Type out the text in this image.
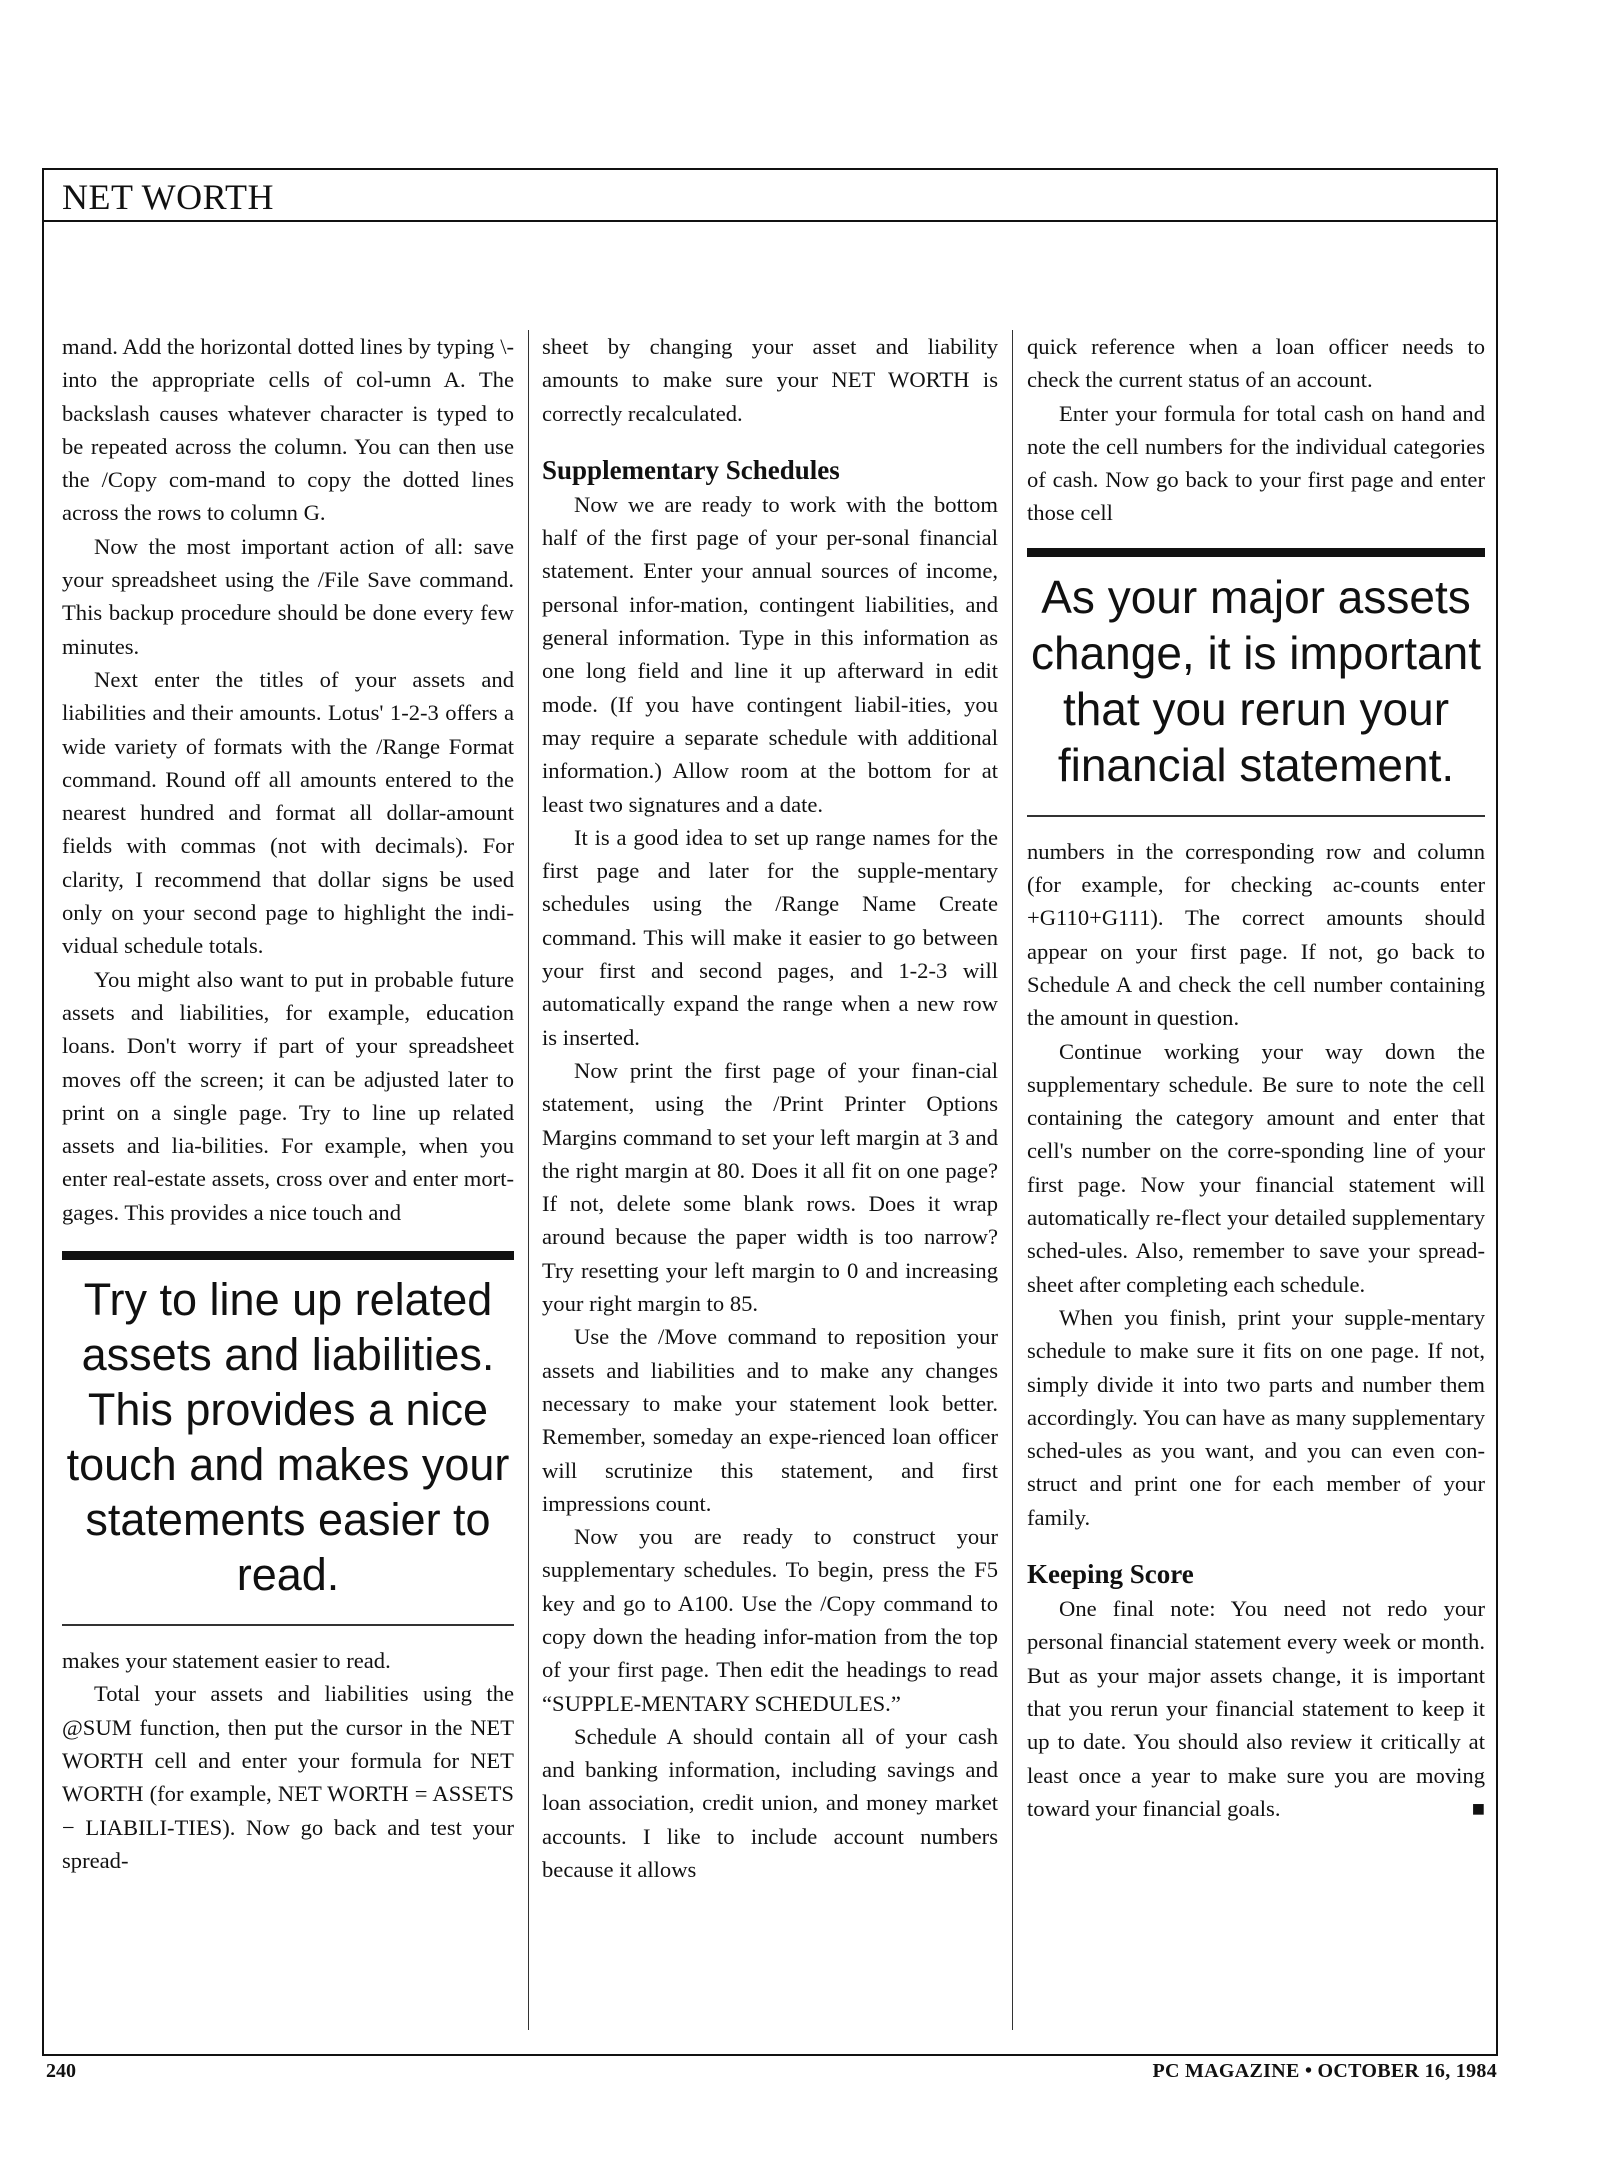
NET WORTH

mand. Add the horizontal dotted lines by typing \- into the appropriate cells of col-umn A. The backslash causes whatever character is typed to be repeated across the column. You can then use the /Copy com-mand to copy the dotted lines across the rows to column G.

Now the most important action of all: save your spreadsheet using the /File Save command. This backup procedure should be done every few minutes.

Next enter the titles of your assets and liabilities and their amounts. Lotus' 1-2-3 offers a wide variety of formats with the /Range Format command. Round off all amounts entered to the nearest hundred and format all dollar-amount fields with commas (not with decimals). For clarity, I recommend that dollar signs be used only on your second page to highlight the indi-vidual schedule totals.

You might also want to put in probable future assets and liabilities, for example, education loans. Don't worry if part of your spreadsheet moves off the screen; it can be adjusted later to print on a single page. Try to line up related assets and lia-bilities. For example, when you enter real-estate assets, cross over and enter mort-gages. This provides a nice touch and

Try to line up related assets and liabilities. This provides a nice touch and makes your statements easier to read.

makes your statement easier to read.

Total your assets and liabilities using the @SUM function, then put the cursor in the NET WORTH cell and enter your formula for NET WORTH (for example, NET WORTH = ASSETS − LIABILI-TIES). Now go back and test your spread-

sheet by changing your asset and liability amounts to make sure your NET WORTH is correctly recalculated.

Supplementary Schedules

Now we are ready to work with the bottom half of the first page of your per-sonal financial statement. Enter your annual sources of income, personal infor-mation, contingent liabilities, and general information. Type in this information as one long field and line it up afterward in edit mode. (If you have contingent liabil-ities, you may require a separate schedule with additional information.) Allow room at the bottom for at least two signatures and a date.

It is a good idea to set up range names for the first page and later for the supple-mentary schedules using the /Range Name Create command. This will make it easier to go between your first and second pages, and 1-2-3 will automatically expand the range when a new row is inserted.

Now print the first page of your finan-cial statement, using the /Print Printer Options Margins command to set your left margin at 3 and the right margin at 80. Does it all fit on one page? If not, delete some blank rows. Does it wrap around because the paper width is too narrow? Try resetting your left margin to 0 and increasing your right margin to 85.

Use the /Move command to reposition your assets and liabilities and to make any changes necessary to make your statement look better. Remember, someday an expe-rienced loan officer will scrutinize this statement, and first impressions count.

Now you are ready to construct your supplementary schedules. To begin, press the F5 key and go to A100. Use the /Copy command to copy down the heading infor-mation from the top of your first page. Then edit the headings to read “SUPPLE-MENTARY SCHEDULES.”

Schedule A should contain all of your cash and banking information, including savings and loan association, credit union, and money market accounts. I like to include account numbers because it allows

quick reference when a loan officer needs to check the current status of an account.

Enter your formula for total cash on hand and note the cell numbers for the individual categories of cash. Now go back to your first page and enter those cell

As your major assets change, it is important that you rerun your financial statement.

numbers in the corresponding row and column (for example, for checking ac-counts enter +G110+G111). The correct amounts should appear on your first page. If not, go back to Schedule A and check the cell number containing the amount in question.

Continue working your way down the supplementary schedule. Be sure to note the cell containing the category amount and enter that cell's number on the corre-sponding line of your first page. Now your financial statement will automatically re-flect your detailed supplementary sched-ules. Also, remember to save your spread-sheet after completing each schedule.

When you finish, print your supple-mentary schedule to make sure it fits on one page. If not, simply divide it into two parts and number them accordingly. You can have as many supplementary sched-ules as you want, and you can even con-struct and print one for each member of your family.

Keeping Score

One final note: You need not redo your personal financial statement every week or month. But as your major assets change, it is important that you rerun your financial statement to keep it up to date. You should also review it critically at least once a year to make sure you are moving toward your financial goals.	■

240	PC MAGAZINE • OCTOBER 16, 1984
